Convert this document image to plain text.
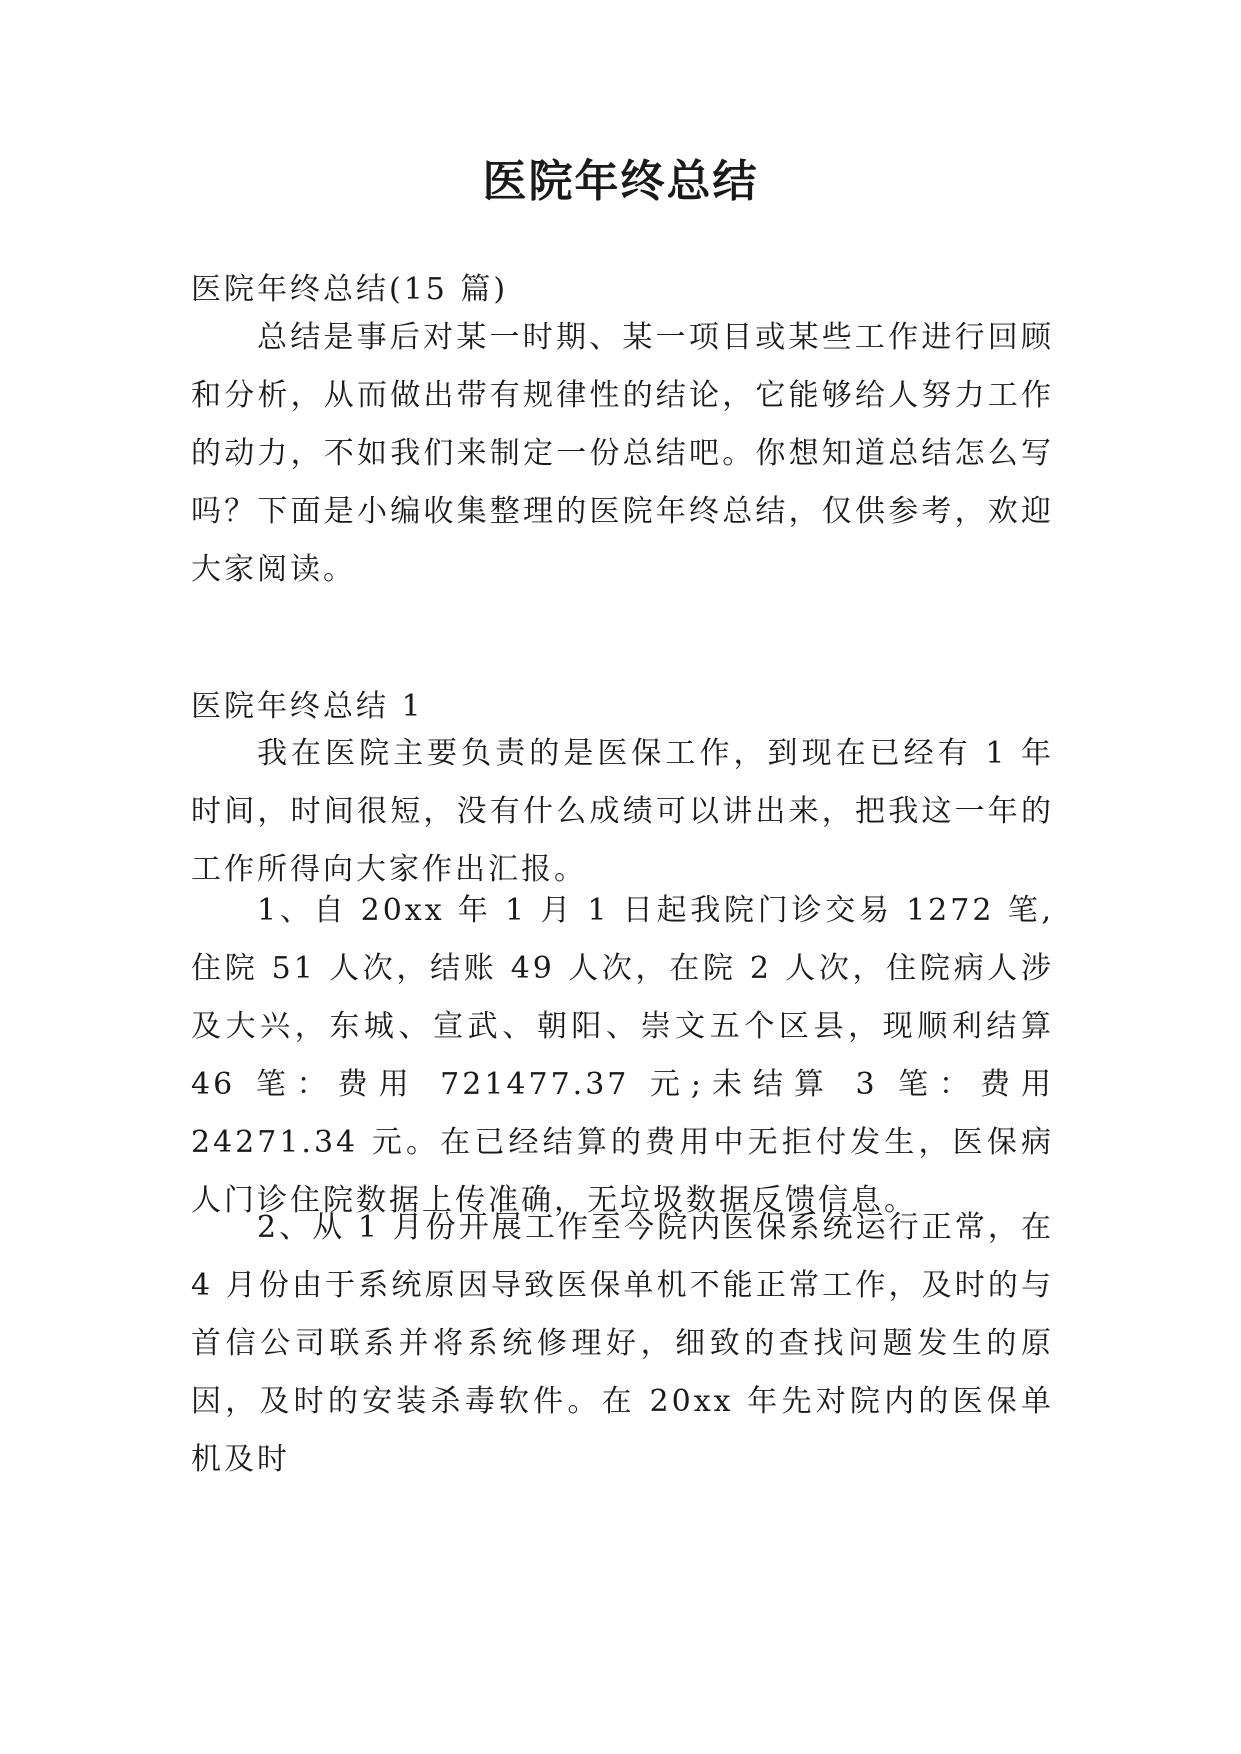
医院年终总结

医院年终总结(15 篇)

总结是事后对某一时期、某一项目或某些工作进行回顾和分析，从而做出带有规律性的结论，它能够给人努力工作的动力，不如我们来制定一份总结吧。你想知道总结怎么写吗？下面是小编收集整理的医院年终总结，仅供参考，欢迎大家阅读。

医院年终总结 1

我在医院主要负责的是医保工作，到现在已经有 1 年时间，时间很短，没有什么成绩可以讲出来，把我这一年的工作所得向大家作出汇报。

1、自 20xx 年 1 月 1 日起我院门诊交易 1272 笔,住院 51 人次，结账 49 人次，在院 2 人次，住院病人涉及大兴，东城、宣武、朝阳、崇文五个区县，现顺利结算 46 笔：费用 721477.37 元;未结算 3 笔：费用 24271.34 元。在已经结算的费用中无拒付发生，医保病人门诊住院数据上传准确，无垃圾数据反馈信息。

2、从 1 月份开展工作至今院内医保系统运行正常，在 4 月份由于系统原因导致医保单机不能正常工作，及时的与首信公司联系并将系统修理好，细致的查找问题发生的原因，及时的安装杀毒软件。在 20xx 年先对院内的医保单机及时
